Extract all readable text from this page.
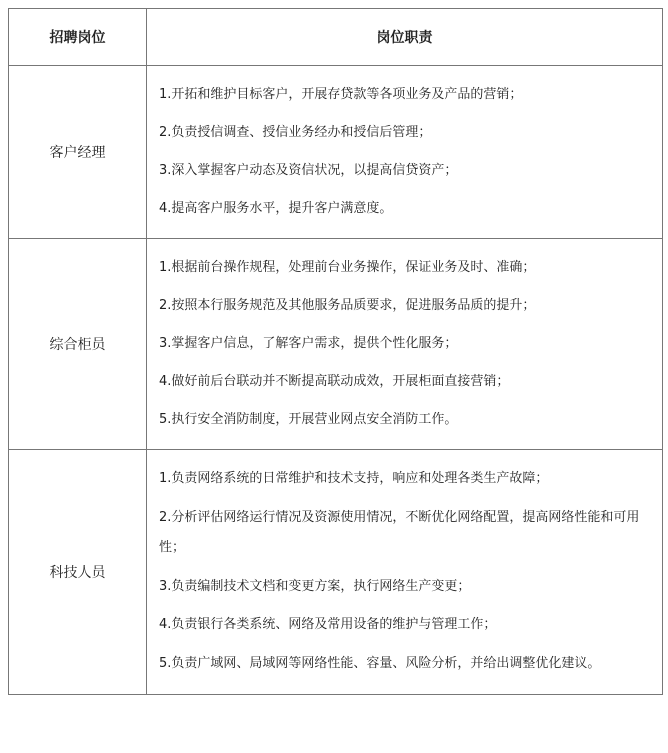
招聘岗位	岗位职责
客户经理	1.开拓和维护目标客户，开展存贷款等各项业务及产品的营销；
2.负责授信调查、授信业务经办和授信后管理；
3.深入掌握客户动态及资信状况，以提高信贷资产；
4.提高客户服务水平，提升客户满意度。

综合柜员	1.根据前台操作规程，处理前台业务操作，保证业务及时、准确；
2.按照本行服务规范及其他服务品质要求，促进服务品质的提升；
3.掌握客户信息，了解客户需求，提供个性化服务；
4.做好前后台联动并不断提高联动成效，开展柜面直接营销；
5.执行安全消防制度，开展营业网点安全消防工作。

科技人员	1.负责网络系统的日常维护和技术支持，响应和处理各类生产故障；
2.分析评估网络运行情况及资源使用情况，不断优化网络配置，提高网络性能和可用性；
3.负责编制技术文档和变更方案，执行网络生产变更；
4.负责银行各类系统、网络及常用设备的维护与管理工作；
5.负责广域网、局域网等网络性能、容量、风险分析，并给出调整优化建议。
